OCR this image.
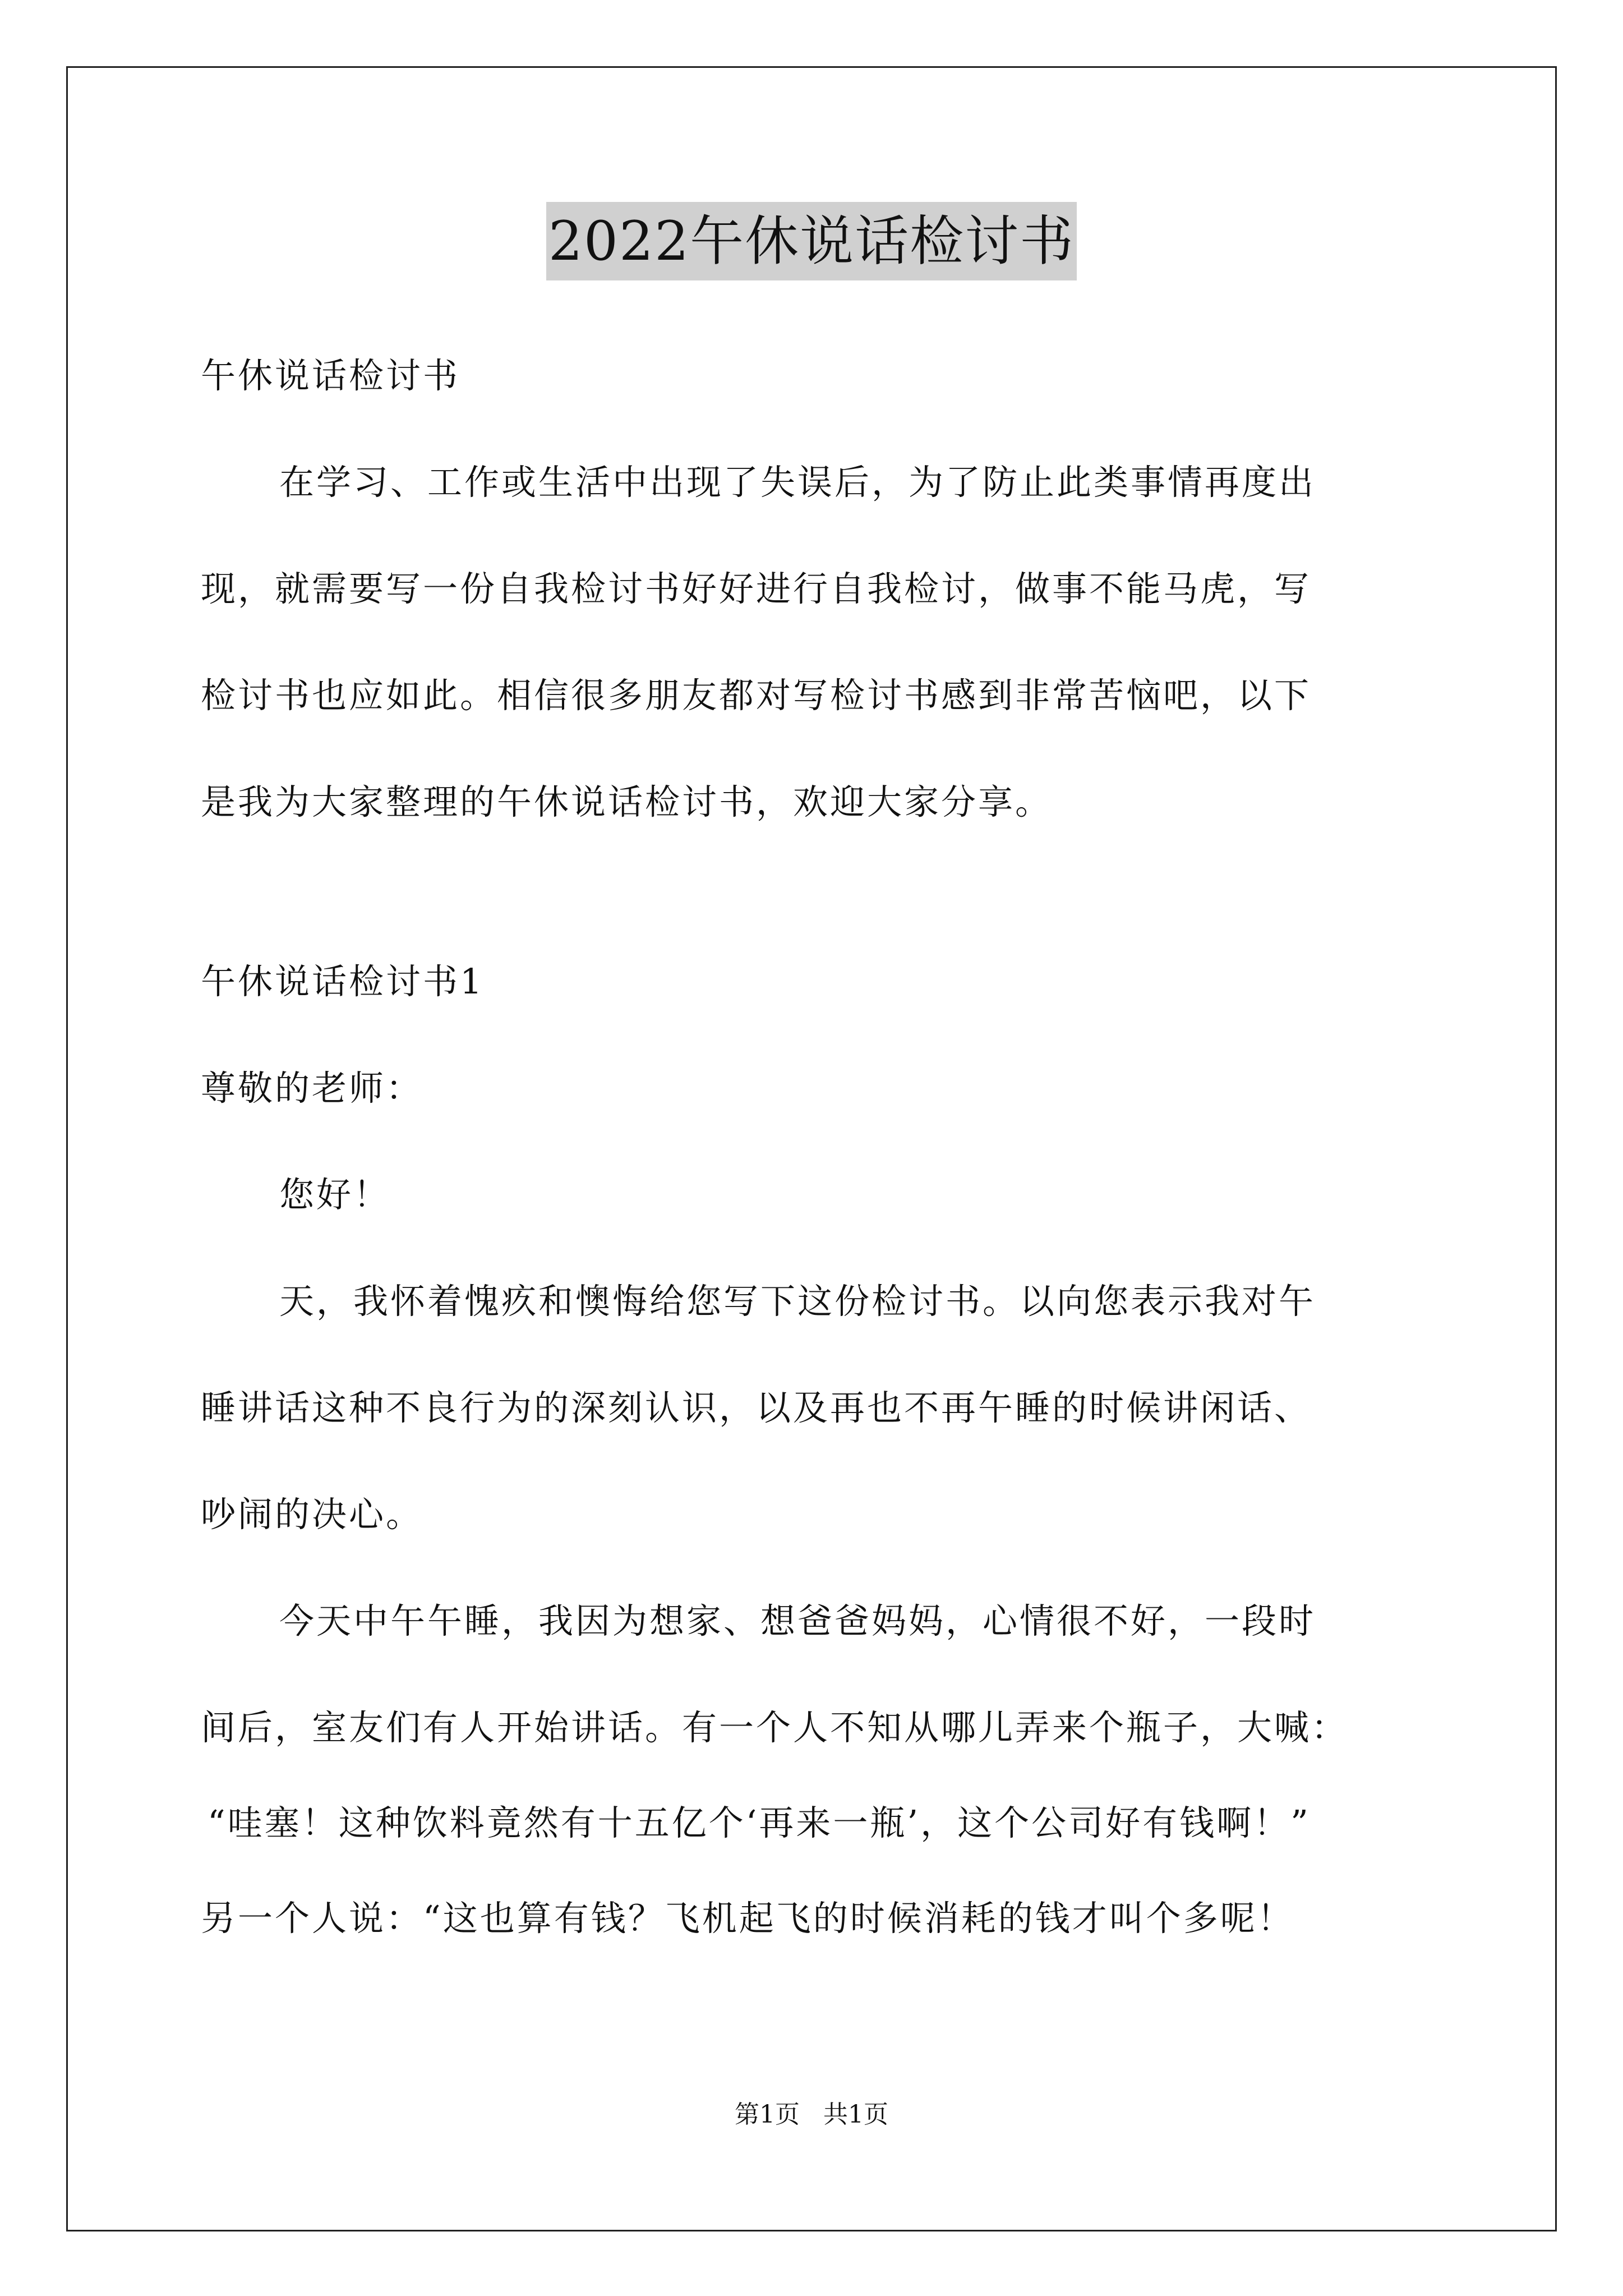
2022午休说话检讨书
午休说话检讨书
在学习、工作或生活中出现了失误后，为了防止此类事情再度出
现，就需要写一份自我检讨书好好进行自我检讨，做事不能马虎，写
检讨书也应如此。相信很多朋友都对写检讨书感到非常苦恼吧，以下
是我为大家整理的午休说话检讨书，欢迎大家分享。
午休说话检讨书1
尊敬的老师：
您好！
天，我怀着愧疚和懊悔给您写下这份检讨书。以向您表示我对午
睡讲话这种不良行为的深刻认识，以及再也不再午睡的时候讲闲话、
吵闹的决心。
今天中午午睡，我因为想家、想爸爸妈妈，心情很不好，一段时
间后，室友们有人开始讲话。有一个人不知从哪儿弄来个瓶子，大喊：
“哇塞！这种饮料竟然有十五亿个‘再来一瓶’，这个公司好有钱啊！”
另一个人说：“这也算有钱？飞机起飞的时候消耗的钱才叫个多呢！
第1页 共1页
